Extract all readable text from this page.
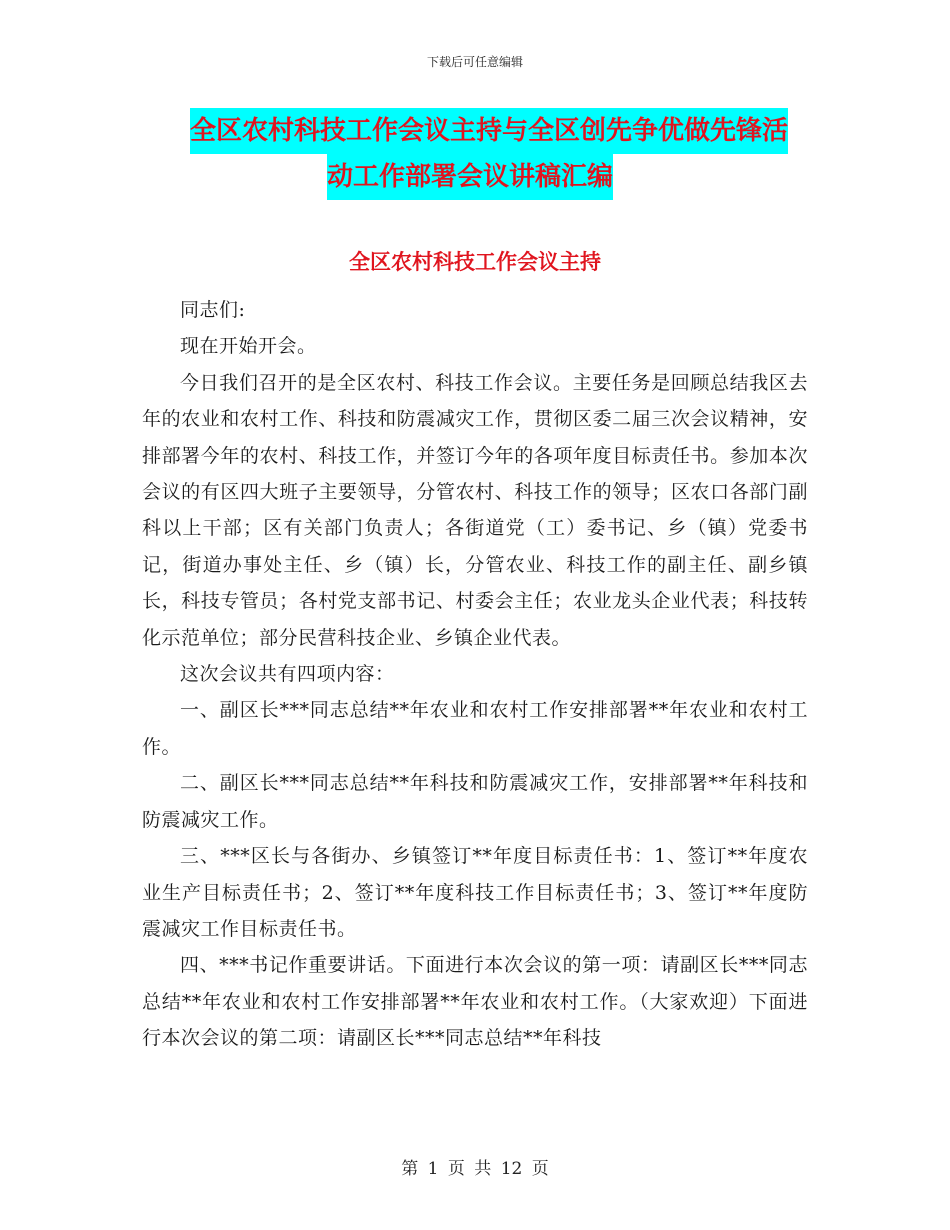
下载后可任意编辑
全区农村科技工作会议主持与全区创先争优做先锋活
动工作部署会议讲稿汇编
全区农村科技工作会议主持

同志们:

现在开始开会。

今日我们召开的是全区农村、科技工作会议。主要任务是回顾总结我区去年的农业和农村工作、科技和防震减灾工作，贯彻区委二届三次会议精神，安排部署今年的农村、科技工作，并签订今年的各项年度目标责任书。参加本次会议的有区四大班子主要领导，分管农村、科技工作的领导；区农口各部门副科以上干部；区有关部门负责人；各街道党（工）委书记、乡（镇）党委书记，街道办事处主任、乡（镇）长，分管农业、科技工作的副主任、副乡镇长，科技专管员；各村党支部书记、村委会主任；农业龙头企业代表；科技转化示范单位；部分民营科技企业、乡镇企业代表。

这次会议共有四项内容：

一、副区长***同志总结**年农业和农村工作安排部署**年农业和农村工作。

二、副区长***同志总结**年科技和防震减灾工作，安排部署**年科技和防震减灾工作。

三、***区长与各街办、乡镇签订**年度目标责任书：1、签订**年度农业生产目标责任书；2、签订**年度科技工作目标责任书；3、签订**年度防震减灾工作目标责任书。

四、***书记作重要讲话。下面进行本次会议的第一项：请副区长***同志总结**年农业和农村工作安排部署**年农业和农村工作。（大家欢迎）下面进行本次会议的第二项：请副区长***同志总结**年科技

第 1 页 共 12 页
